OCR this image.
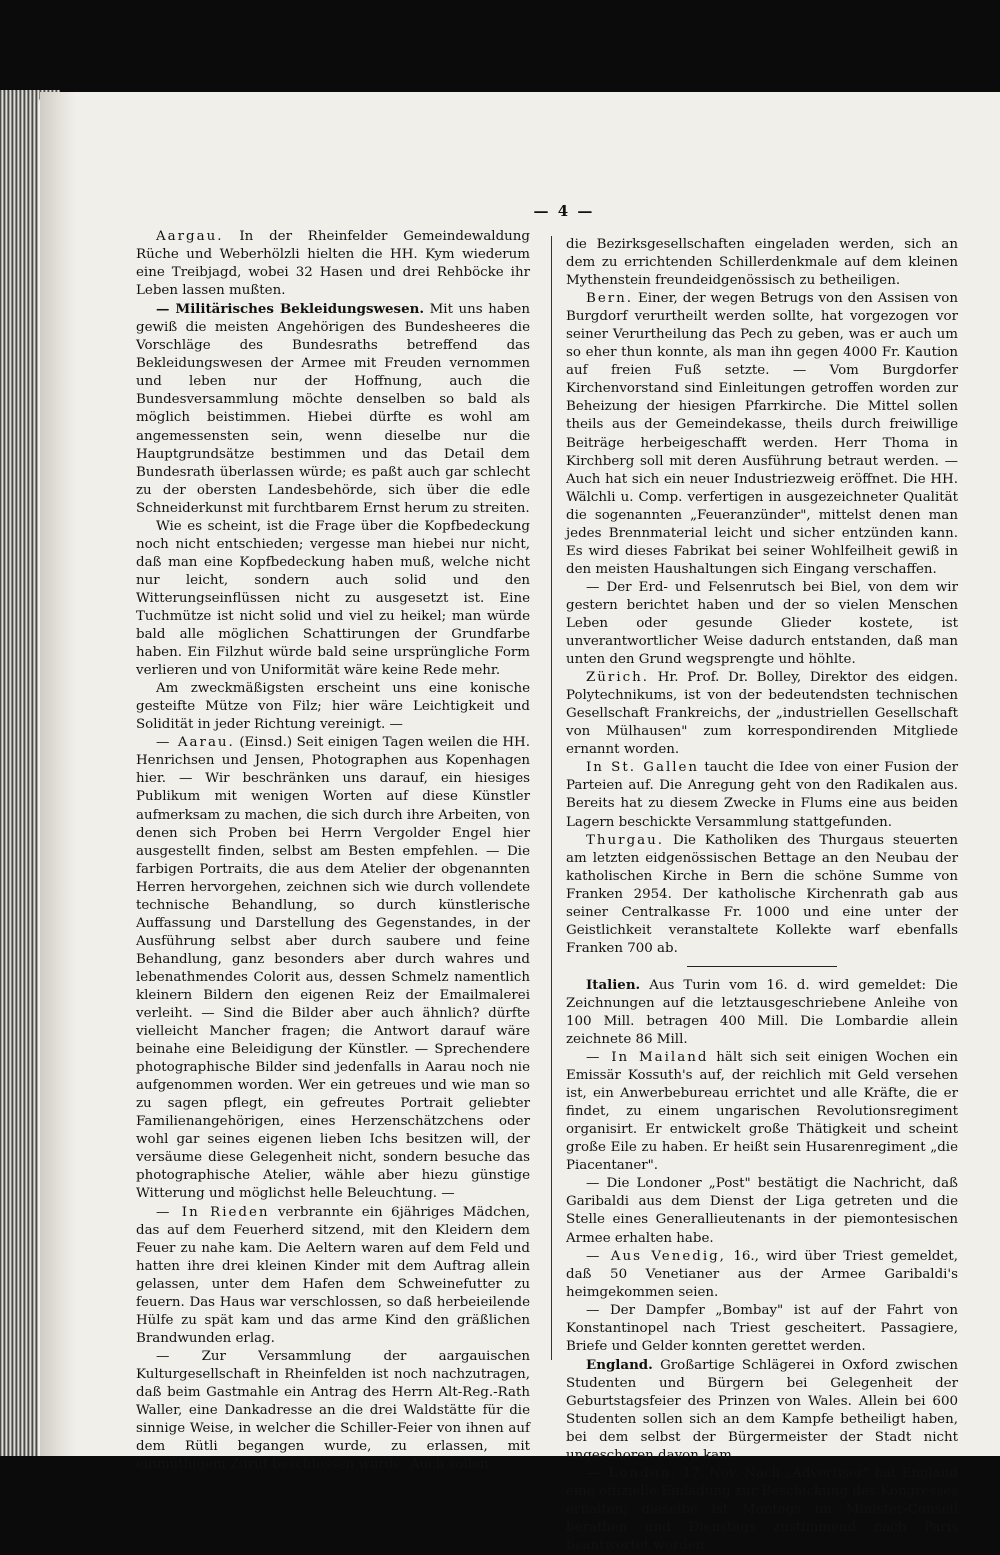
— 4 —

Aargau. In der Rheinfelder Gemeindewaldung Rüche und Weberhölzli hielten die HH. Kym wiederum eine Treibjagd, wobei 32 Hasen und drei Rehböcke ihr Leben lassen mußten.

— Militärisches Bekleidungswesen. Mit uns haben gewiß die meisten Angehörigen des Bundesheeres die Vorschläge des Bundesraths betreffend das Bekleidungswesen der Armee mit Freuden vernommen und leben nur der Hoffnung, auch die Bundesversammlung möchte denselben so bald als möglich beistimmen. Hiebei dürfte es wohl am angemessensten sein, wenn dieselbe nur die Hauptgrundsätze bestimmen und das Detail dem Bundesrath überlassen würde; es paßt auch gar schlecht zu der obersten Landesbehörde, sich über die edle Schneiderkunst mit furchtbarem Ernst herum zu streiten.

Wie es scheint, ist die Frage über die Kopfbedeckung noch nicht entschieden; vergesse man hiebei nur nicht, daß man eine Kopfbedeckung haben muß, welche nicht nur leicht, sondern auch solid und den Witterungseinflüssen nicht zu ausgesetzt ist. Eine Tuchmütze ist nicht solid und viel zu heikel; man würde bald alle möglichen Schattirungen der Grundfarbe haben. Ein Filzhut würde bald seine ursprüngliche Form verlieren und von Uniformität wäre keine Rede mehr.

Am zweckmäßigsten erscheint uns eine konische gesteifte Mütze von Filz; hier wäre Leichtigkeit und Solidität in jeder Richtung vereinigt. —

— Aarau. (Einsd.) Seit einigen Tagen weilen die HH. Henrichsen und Jensen, Photographen aus Kopenhagen hier. — Wir beschränken uns darauf, ein hiesiges Publikum mit wenigen Worten auf diese Künstler aufmerksam zu machen, die sich durch ihre Arbeiten, von denen sich Proben bei Herrn Vergolder Engel hier ausgestellt finden, selbst am Besten empfehlen. — Die farbigen Portraits, die aus dem Atelier der obgenannten Herren hervorgehen, zeichnen sich wie durch vollendete technische Behandlung, so durch künstlerische Auffassung und Darstellung des Gegenstandes, in der Ausführung selbst aber durch saubere und feine Behandlung, ganz besonders aber durch wahres und lebenathmendes Colorit aus, dessen Schmelz namentlich kleinern Bildern den eigenen Reiz der Emailmalerei verleiht. — Sind die Bilder aber auch ähnlich? dürfte vielleicht Mancher fragen; die Antwort darauf wäre beinahe eine Beleidigung der Künstler. — Sprechendere photographische Bilder sind jedenfalls in Aarau noch nie aufgenommen worden. Wer ein getreues und wie man so zu sagen pflegt, ein gefreutes Portrait geliebter Familienangehörigen, eines Herzenschätzchens oder wohl gar seines eigenen lieben Ichs besitzen will, der versäume diese Gelegenheit nicht, sondern besuche das photographische Atelier, wähle aber hiezu günstige Witterung und möglichst helle Beleuchtung. —

— In Rieden verbrannte ein 6jähriges Mädchen, das auf dem Feuerherd sitzend, mit den Kleidern dem Feuer zu nahe kam. Die Aeltern waren auf dem Feld und hatten ihre drei kleinen Kinder mit dem Auftrag allein gelassen, unter dem Hafen dem Schweinefutter zu feuern. Das Haus war verschlossen, so daß herbeieilende Hülfe zu spät kam und das arme Kind den gräßlichen Brandwunden erlag.

— Zur Versammlung der aargauischen Kulturgesellschaft in Rheinfelden ist noch nachzutragen, daß beim Gastmahle ein Antrag des Herrn Alt-Reg.-Rath Waller, eine Dankadresse an die drei Waldstätte für die sinnige Weise, in welcher die Schiller-Feier von ihnen auf dem Rütli begangen wurde, zu erlassen, mit einmüthigem Zuruf beschlossen wurde. Auch sollen

die Bezirksgesellschaften eingeladen werden, sich an dem zu errichtenden Schillerdenkmale auf dem kleinen Mythenstein freundeidgenössisch zu betheiligen.

Bern. Einer, der wegen Betrugs von den Assisen von Burgdorf verurtheilt werden sollte, hat vorgezogen vor seiner Verurtheilung das Pech zu geben, was er auch um so eher thun konnte, als man ihn gegen 4000 Fr. Kaution auf freien Fuß setzte. — Vom Burgdorfer Kirchenvorstand sind Einleitungen getroffen worden zur Beheizung der hiesigen Pfarrkirche. Die Mittel sollen theils aus der Gemeindekasse, theils durch freiwillige Beiträge herbeigeschafft werden. Herr Thoma in Kirchberg soll mit deren Ausführung betraut werden. — Auch hat sich ein neuer Industriezweig eröffnet. Die HH. Wälchli u. Comp. verfertigen in ausgezeichneter Qualität die sogenannten „Feueranzünder", mittelst denen man jedes Brennmaterial leicht und sicher entzünden kann. Es wird dieses Fabrikat bei seiner Wohlfeilheit gewiß in den meisten Haushaltungen sich Eingang verschaffen.

— Der Erd- und Felsenrutsch bei Biel, von dem wir gestern berichtet haben und der so vielen Menschen Leben oder gesunde Glieder kostete, ist unverantwortlicher Weise dadurch entstanden, daß man unten den Grund wegsprengte und höhlte.

Zürich. Hr. Prof. Dr. Bolley, Direktor des eidgen. Polytechnikums, ist von der bedeutendsten technischen Gesellschaft Frankreichs, der „industriellen Gesellschaft von Mülhausen" zum korrespondirenden Mitgliede ernannt worden.

In St. Gallen taucht die Idee von einer Fusion der Parteien auf. Die Anregung geht von den Radikalen aus. Bereits hat zu diesem Zwecke in Flums eine aus beiden Lagern beschickte Versammlung stattgefunden.

Thurgau. Die Katholiken des Thurgaus steuerten am letzten eidgenössischen Bettage an den Neubau der katholischen Kirche in Bern die schöne Summe von Franken 2954. Der katholische Kirchenrath gab aus seiner Centralkasse Fr. 1000 und eine unter der Geistlichkeit veranstaltete Kollekte warf ebenfalls Franken 700 ab.

Italien. Aus Turin vom 16. d. wird gemeldet: Die Zeichnungen auf die letztausgeschriebene Anleihe von 100 Mill. betragen 400 Mill. Die Lombardie allein zeichnete 86 Mill.

— In Mailand hält sich seit einigen Wochen ein Emissär Kossuth's auf, der reichlich mit Geld versehen ist, ein Anwerbebureau errichtet und alle Kräfte, die er findet, zu einem ungarischen Revolutionsregiment organisirt. Er entwickelt große Thätigkeit und scheint große Eile zu haben. Er heißt sein Husarenregiment „die Piacentaner".

— Die Londoner „Post" bestätigt die Nachricht, daß Garibaldi aus dem Dienst der Liga getreten und die Stelle eines Generallieutenants in der piemontesischen Armee erhalten habe.

— Aus Venedig, 16., wird über Triest gemeldet, daß 50 Venetianer aus der Armee Garibaldi's heimgekommen seien.

— Der Dampfer „Bombay" ist auf der Fahrt von Konstantinopel nach Triest gescheitert. Passagiere, Briefe und Gelder konnten gerettet werden.

England. Großartige Schlägerei in Oxford zwischen Studenten und Bürgern bei Gelegenheit der Geburtstagsfeier des Prinzen von Wales. Allein bei 600 Studenten sollen sich an dem Kampfe betheiligt haben, bei dem selbst der Bürgermeister der Stadt nicht ungeschoren davon kam.

— London, 17. Nov. Nach „Advertiser" hat England eine offizielle Einladung zur Beschickung des Kongresses erhalten; dieselbe ist Montags im Minister-Conseil berathen und Dienstags zustimmend nach Paris beantwortet worden.
